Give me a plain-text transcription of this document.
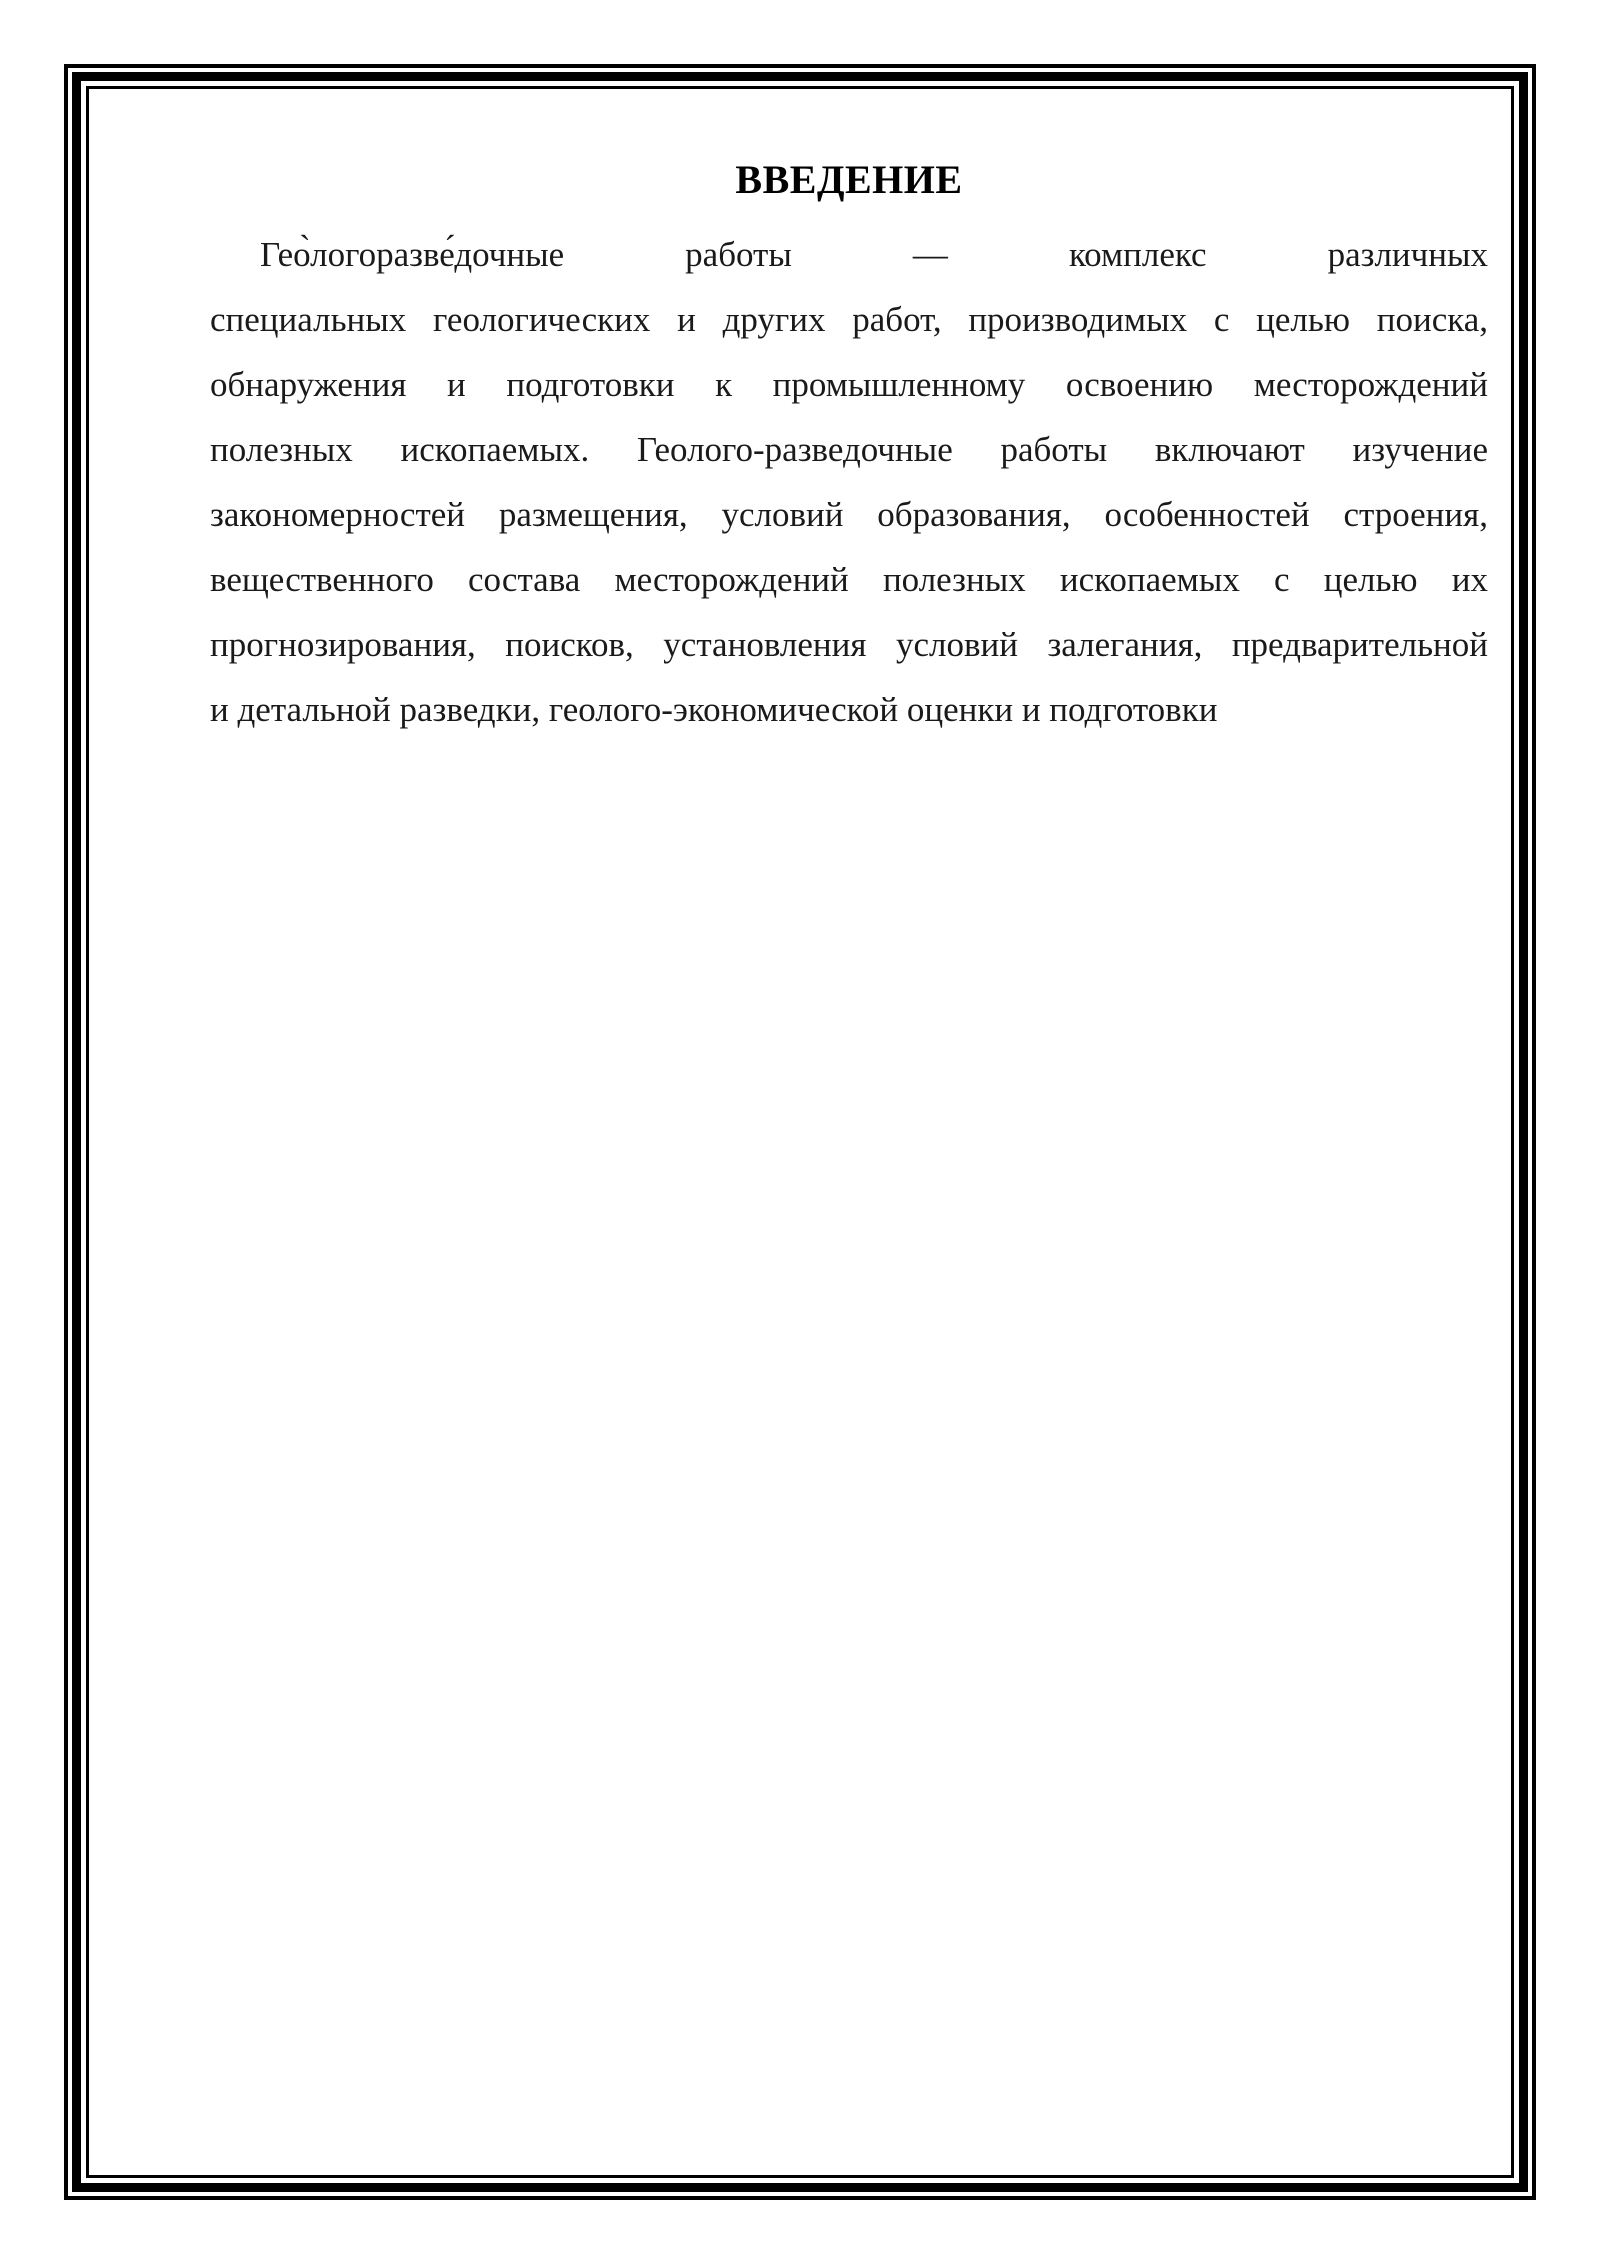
ВВЕДЕНИЕ
Гео̀логоразве́дочные работы — комплекс различных
специальных геологических и других работ, производимых с целью поиска,
обнаружения и подготовки к промышленному освоению месторождений
полезных ископаемых. Геолого-разведочные работы включают изучение
закономерностей размещения, условий образования, особенностей строения,
вещественного состава месторождений полезных ископаемых с целью их
прогнозирования, поисков, установления условий залегания, предварительной
и детальной разведки, геолого-экономической оценки и подготовки
